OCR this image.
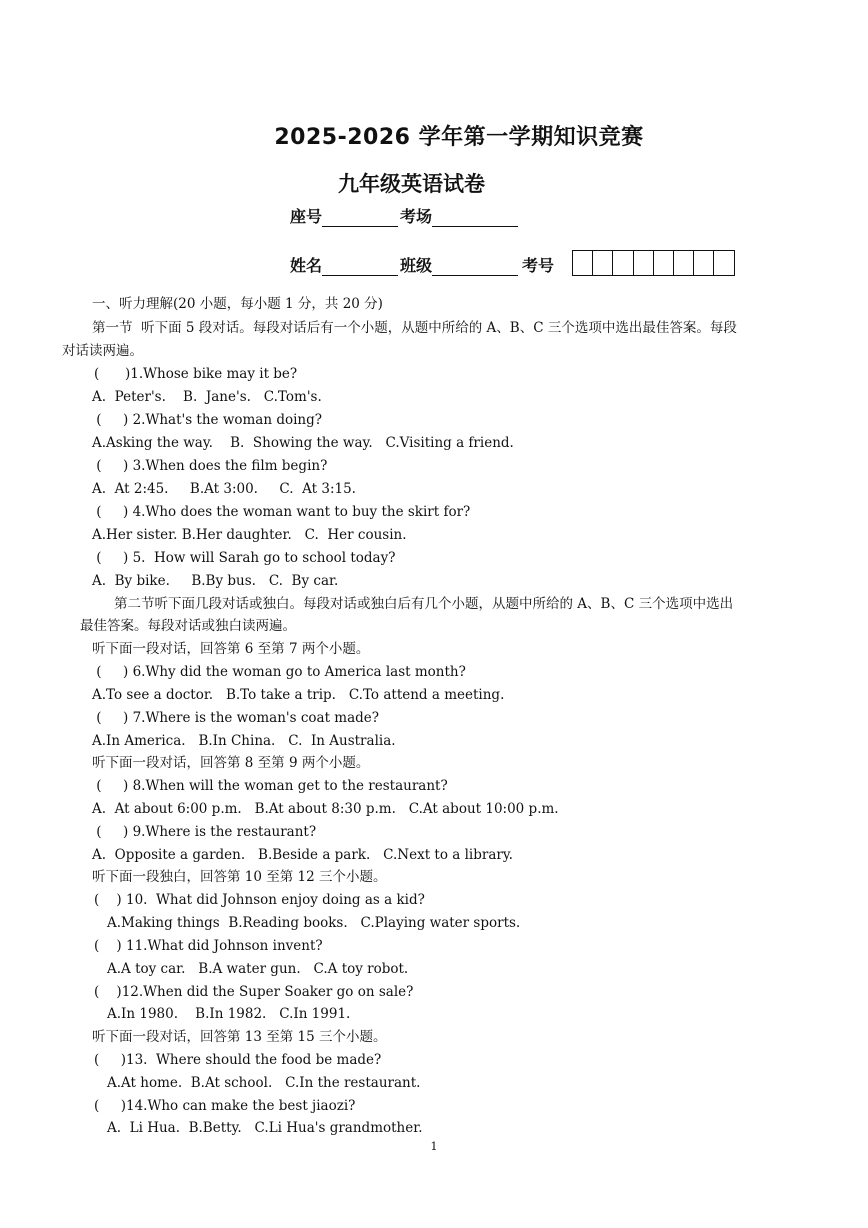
2025-2026 学年第一学期知识竞赛
九年级英语试卷
座号	考场
姓名	班级	考号
一、听力理解(20 小题，每小题 1 分，共 20 分)
第一节  听下面 5 段对话。每段对话后有一个小题，从题中所给的 A、B、C 三个选项中选出最佳答案。每段
对话读两遍。
(      )1.Whose bike may it be?
A.  Peter's.    B.  Jane's.   C.Tom's.
(     ) 2.What's the woman doing?
A.Asking the way.    B.  Showing the way.   C.Visiting a friend.
(     ) 3.When does the film begin?
A.  At 2:45.     B.At 3:00.     C.  At 3:15.
(     ) 4.Who does the woman want to buy the skirt for?
A.Her sister. B.Her daughter.   C.  Her cousin.
(     ) 5.  How will Sarah go to school today?
A.  By bike.     B.By bus.   C.  By car.
第二节听下面几段对话或独白。每段对话或独白后有几个小题，从题中所给的 A、B、C 三个选项中选出
最佳答案。每段对话或独白读两遍。
听下面一段对话，回答第 6 至第 7 两个小题。
(     ) 6.Why did the woman go to America last month?
A.To see a doctor.   B.To take a trip.   C.To attend a meeting.
(     ) 7.Where is the woman's coat made?
A.In America.   B.In China.   C.  In Australia.
听下面一段对话，回答第 8 至第 9 两个小题。
(     ) 8.When will the woman get to the restaurant?
A.  At about 6:00 p.m.   B.At about 8:30 p.m.   C.At about 10:00 p.m.
(     ) 9.Where is the restaurant?
A.  Opposite a garden.   B.Beside a park.   C.Next to a library.
听下面一段独白，回答第 10 至第 12 三个小题。
(    ) 10.  What did Johnson enjoy doing as a kid?
A.Making things  B.Reading books.   C.Playing water sports.
(    ) 11.What did Johnson invent?
A.A toy car.   B.A water gun.   C.A toy robot.
(    )12.When did the Super Soaker go on sale?
A.In 1980.    B.In 1982.   C.In 1991.
听下面一段对话，回答第 13 至第 15 三个小题。
(     )13.  Where should the food be made?
A.At home.  B.At school.   C.In the restaurant.
(     )14.Who can make the best jiaozi?
A.  Li Hua.  B.Betty.   C.Li Hua's grandmother.
1
